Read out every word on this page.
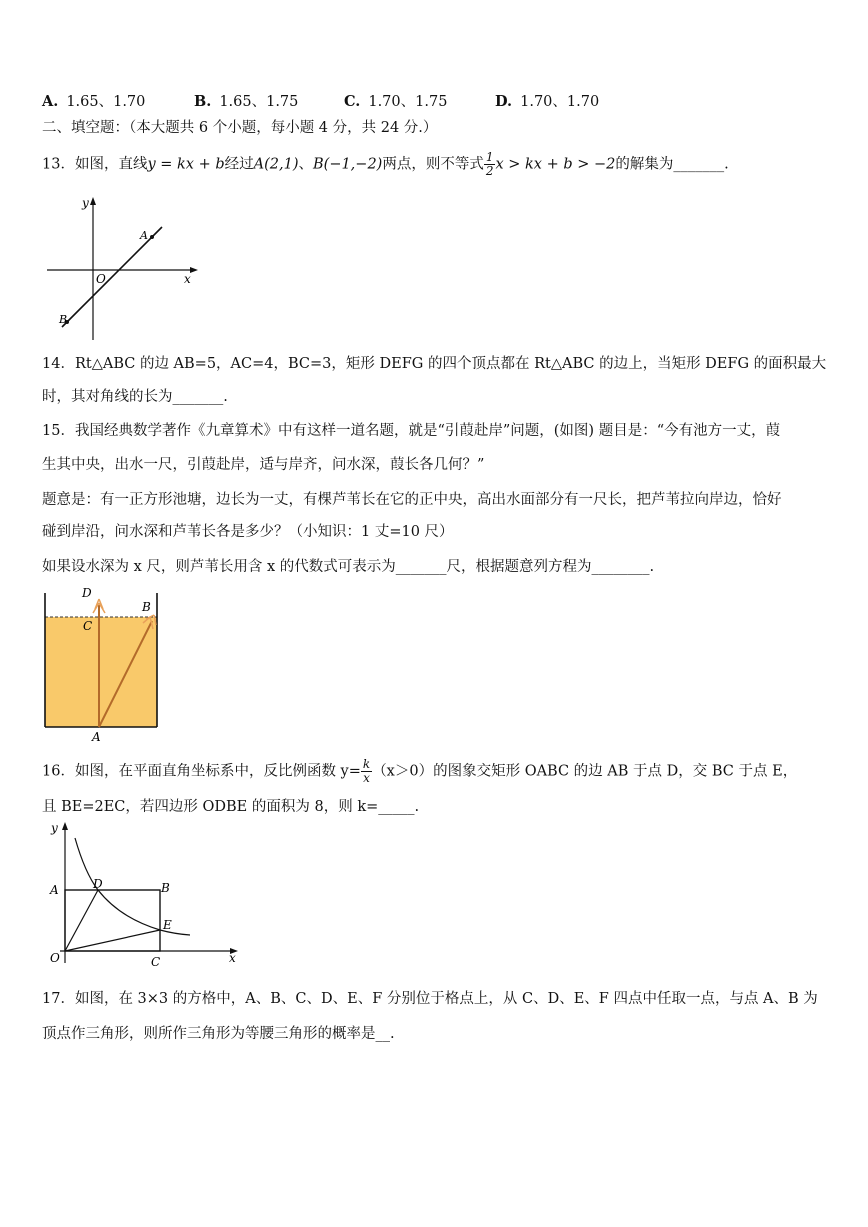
A. 1.65、1.70	B. 1.65、1.75	C. 1.70、1.75	D. 1.70、1.70
二、填空题：（本大题共 6 个小题，每小题 4 分，共 24 分.）
13．如图，直线y = kx + b经过A(2,1)、B(−1,−2)两点，则不等式 $\frac{1}{2}$ x > kx + b > −2的解集为_______.
x
y
O
A
B
14．Rt△ABC 的边 AB=5，AC=4，BC=3，矩形 DEFG 的四个顶点都在 Rt△ABC 的边上，当矩形 DEFG 的面积最大
时，其对角线的长为_______.
15．我国经典数学著作《九章算术》中有这样一道名题，就是“引葭赴岸”问题，(如图) 题目是：“今有池方一丈，葭
生其中央，出水一尺，引葭赴岸，适与岸齐，问水深，葭长各几何？”
题意是：有一正方形池塘，边长为一丈，有棵芦苇长在它的正中央，高出水面部分有一尺长，把芦苇拉向岸边，恰好
碰到岸沿，问水深和芦苇长各是多少？（小知识：1 丈=10 尺）
如果设水深为 x 尺，则芦苇长用含 x 的代数式可表示为_______尺，根据题意列方程为________.
D
C
B
A
16．如图，在平面直角坐标系中，反比例函数 $y= \frac{k}{x} (x>0)$的图象交矩形 OABC 的边 AB 于点 D，交 BC 于点 E，
且 BE=2EC，若四边形 ODBE 的面积为 8，则 k=_____.
y
x
O
A	D	B
E
C
17．如图，在 3×3 的方格中，A、B、C、D、E、F 分别位于格点上，从 C、D、E、F 四点中任取一点，与点 A、B 为
顶点作三角形，则所作三角形为等腰三角形的概率是__.
